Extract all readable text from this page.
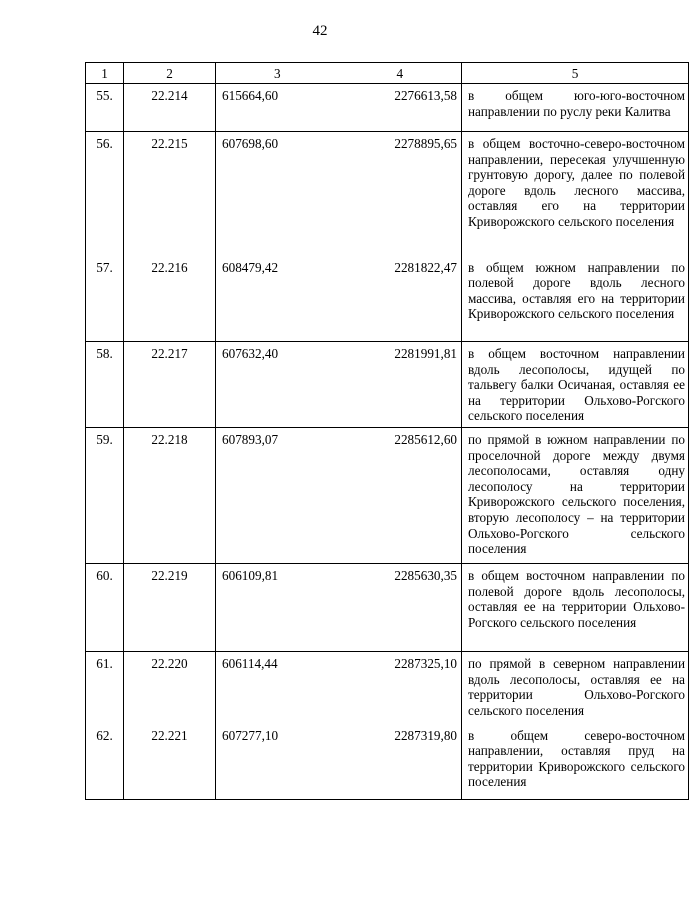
42
1	2	3 4	5
55.	22.214	615664,60 2276613,58	в общем юго-юго-восточном направлении по руслу реки Калитва
56.	22.215	607698,60 2278895,65	в общем восточно-северо-восточном направлении, пересекая улучшенную грунтовую дорогу, далее по полевой дороге вдоль лесного массива, оставляя его на территории Криворожского сельского поселения
57.	22.216	608479,42 2281822,47	в общем южном направлении по полевой дороге вдоль лесного массива, оставляя его на территории Криворожского сельского поселения
58.	22.217	607632,40 2281991,81	в общем восточном направлении вдоль лесополосы, идущей по тальвегу балки Осичаная, оставляя ее на территории Ольхово-Рогского сельского поселения
59.	22.218	607893,07 2285612,60	по прямой в южном направлении по проселочной дороге между двумя лесополосами, оставляя одну лесополосу на территории Криворожского сельского поселения, вторую лесополосу – на территории Ольхово-Рогского сельского поселения
60.	22.219	606109,81 2285630,35	в общем восточном направлении по полевой дороге вдоль лесополосы, оставляя ее на территории Ольхово-Рогского сельского поселения
61.	22.220	606114,44 2287325,10	по прямой в северном направлении вдоль лесополосы, оставляя ее на территории Ольхово-Рогского сельского поселения
62.	22.221	607277,10 2287319,80	в общем северо-восточном направлении, оставляя пруд на территории Криворожского сельского поселения
